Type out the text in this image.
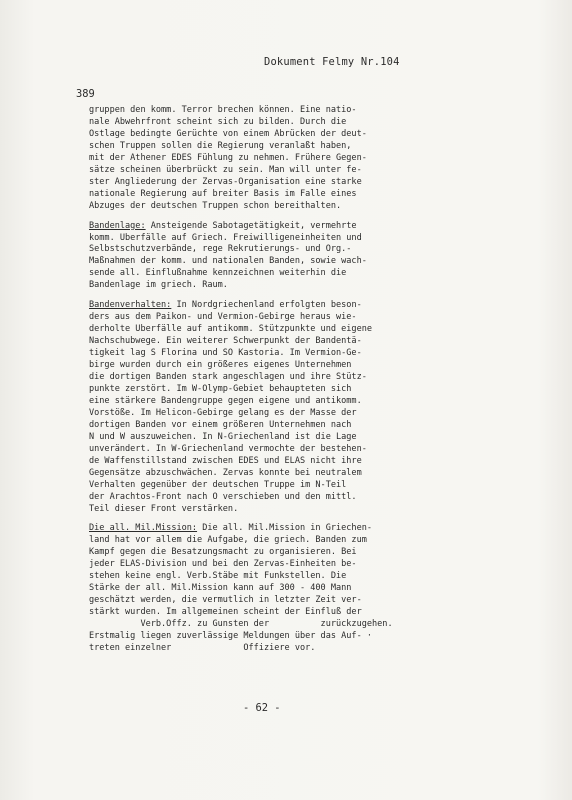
Dokument Felmy Nr.104
389
gruppen den komm. Terror brechen können. Eine natio-
nale Abwehrfront scheint sich zu bilden. Durch die
Ostlage bedingte Gerüchte von einem Abrücken der deut-
schen Truppen sollen die Regierung veranlaßt haben,
mit der Athener EDES Fühlung zu nehmen. Frühere Gegen-
sätze scheinen überbrückt zu sein. Man will unter fe-
ster Angliederung der Zervas-Organisation eine starke
nationale Regierung auf breiter Basis im Falle eines
Abzuges der deutschen Truppen schon bereithalten.
Bandenlage: Ansteigende Sabotagetätigkeit, vermehrte
komm. Überfälle auf Griech. Freiwilligeneinheiten und
Selbstschutzverbände, rege Rekrutierungs- und Org.-
Maßnahmen der komm. und nationalen Banden, sowie wach-
sende all. Einflußnahme kennzeichnen weiterhin die
Bandenlage im griech. Raum.
Bandenverhalten: In Nordgriechenland erfolgten beson-
ders aus dem Paikon- und Vermion-Gebirge heraus wie-
derholte Überfälle auf antikomm. Stützpunkte und eigene
Nachschubwege. Ein weiterer Schwerpunkt der Bandentä-
tigkeit lag S Florina und SO Kastoria. Im Vermion-Ge-
birge wurden durch ein größeres eigenes Unternehmen
die dortigen Banden stark angeschlagen und ihre Stütz-
punkte zerstört. Im W-Olymp-Gebiet behaupteten sich
eine stärkere Bandengruppe gegen eigene und antikomm.
Vorstöße. Im Helicon-Gebirge gelang es der Masse der
dortigen Banden vor einem größeren Unternehmen nach
N und W auszuweichen. In N-Griechenland ist die Lage
unverändert. In W-Griechenland vermochte der bestehen-
de Waffenstillstand zwischen EDES und ELAS nicht ihre
Gegensätze abzuschwächen. Zervas konnte bei neutralem
Verhalten gegenüber der deutschen Truppe im N-Teil
der Arachtos-Front nach O verschieben und den mittl.
Teil dieser Front verstärken.
Die all. Mil.Mission: Die all. Mil.Mission in Griechen-
land hat vor allem die Aufgabe, die griech. Banden zum
Kampf gegen die Besatzungsmacht zu organisieren. Bei
jeder ELAS-Division und bei den Zervas-Einheiten be-
stehen keine engl. Verb.Stäbe mit Funkstellen. Die
Stärke der all. Mil.Mission kann auf 300 - 400 Mann
geschätzt werden, die vermutlich in letzter Zeit ver-
stärkt wurden. Im allgemeinen scheint der Einfluß der
Verb.Offz. zu Gunsten der          zurückzugehen.
Erstmalig liegen zuverlässige Meldungen über das Auf- ·
treten einzelner              Offiziere vor.
- 62 -
